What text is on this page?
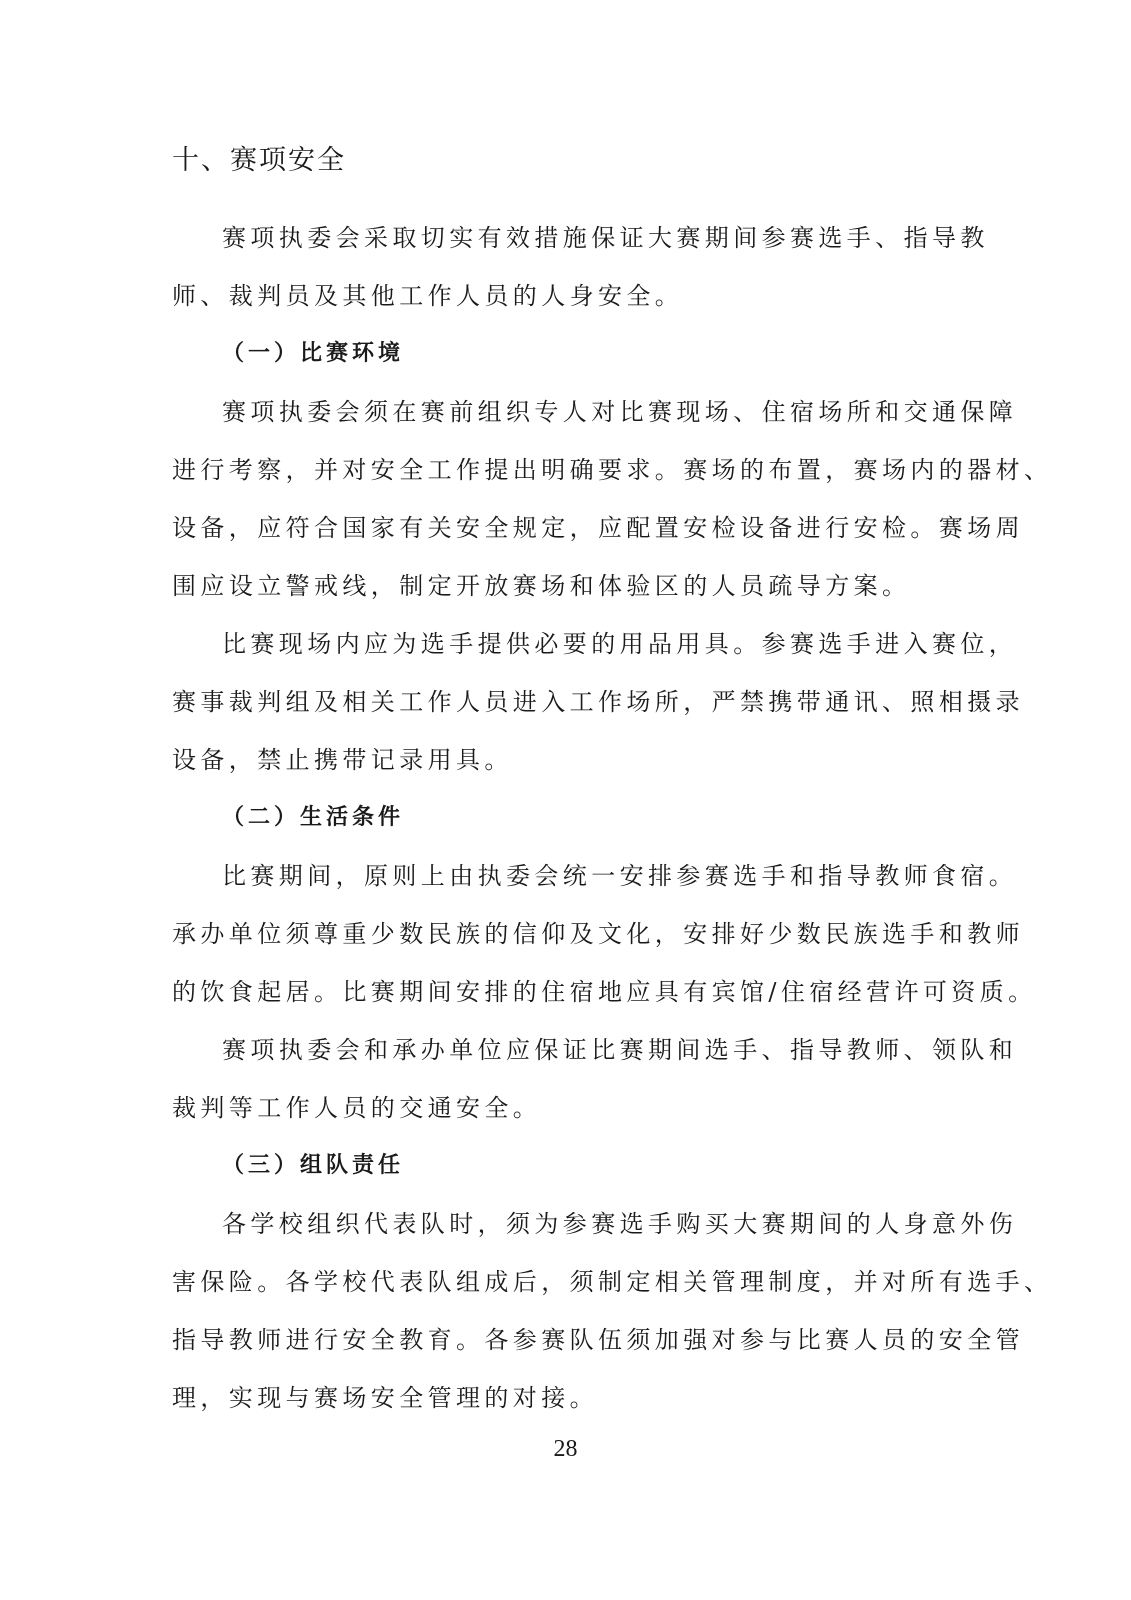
十、赛项安全
赛项执委会采取切实有效措施保证大赛期间参赛选手、指导教
师、裁判员及其他工作人员的人身安全。
（一）比赛环境
赛项执委会须在赛前组织专人对比赛现场、住宿场所和交通保障
进行考察，并对安全工作提出明确要求。赛场的布置，赛场内的器材、
设备，应符合国家有关安全规定，应配置安检设备进行安检。赛场周
围应设立警戒线，制定开放赛场和体验区的人员疏导方案。
比赛现场内应为选手提供必要的用品用具。参赛选手进入赛位，
赛事裁判组及相关工作人员进入工作场所，严禁携带通讯、照相摄录
设备，禁止携带记录用具。
（二）生活条件
比赛期间，原则上由执委会统一安排参赛选手和指导教师食宿。
承办单位须尊重少数民族的信仰及文化，安排好少数民族选手和教师
的饮食起居。比赛期间安排的住宿地应具有宾馆/住宿经营许可资质。
赛项执委会和承办单位应保证比赛期间选手、指导教师、领队和
裁判等工作人员的交通安全。
（三）组队责任
各学校组织代表队时，须为参赛选手购买大赛期间的人身意外伤
害保险。各学校代表队组成后，须制定相关管理制度，并对所有选手、
指导教师进行安全教育。各参赛队伍须加强对参与比赛人员的安全管
理，实现与赛场安全管理的对接。
28
